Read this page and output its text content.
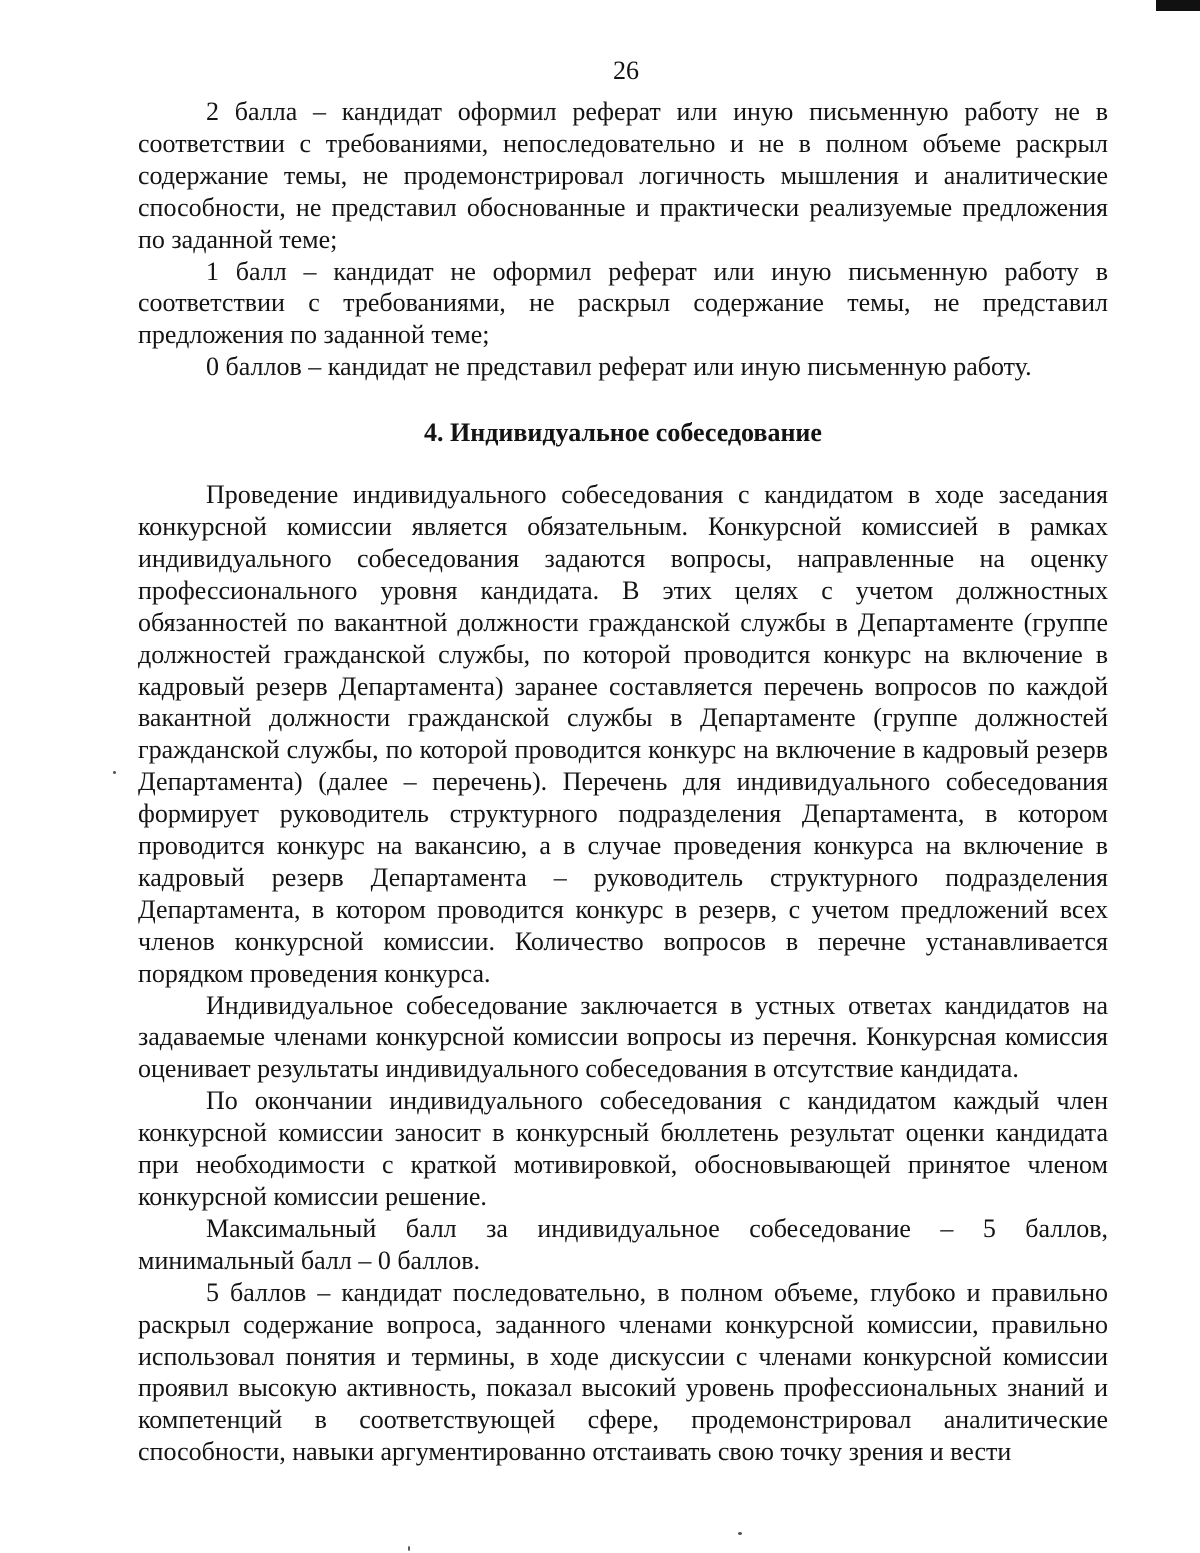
26

2 балла – кандидат оформил реферат или иную письменную работу не в соответствии с требованиями, непоследовательно и не в полном объеме раскрыл содержание темы, не продемонстрировал логичность мышления и аналитические способности, не представил обоснованные и практически реализуемые предложения по заданной теме;

1 балл – кандидат не оформил реферат или иную письменную работу в соответствии с требованиями, не раскрыл содержание темы, не представил предложения по заданной теме;

0 баллов – кандидат не представил реферат или иную письменную работу.

4. Индивидуальное собеседование

Проведение индивидуального собеседования с кандидатом в ходе заседания конкурсной комиссии является обязательным. Конкурсной комиссией в рамках индивидуального собеседования задаются вопросы, направленные на оценку профессионального уровня кандидата. В этих целях с учетом должностных обязанностей по вакантной должности гражданской службы в Департаменте (группе должностей гражданской службы, по которой проводится конкурс на включение в кадровый резерв Департамента) заранее составляется перечень вопросов по каждой вакантной должности гражданской службы в Департаменте (группе должностей гражданской службы, по которой проводится конкурс на включение в кадровый резерв Департамента) (далее – перечень). Перечень для индивидуального собеседования формирует руководитель структурного подразделения Департамента, в котором проводится конкурс на вакансию, а в случае проведения конкурса на включение в кадровый резерв Департамента – руководитель структурного подразделения Департамента, в котором проводится конкурс в резерв, с учетом предложений всех членов конкурсной комиссии. Количество вопросов в перечне устанавливается порядком проведения конкурса.

Индивидуальное собеседование заключается в устных ответах кандидатов на задаваемые членами конкурсной комиссии вопросы из перечня. Конкурсная комиссия оценивает результаты индивидуального собеседования в отсутствие кандидата.

По окончании индивидуального собеседования с кандидатом каждый член конкурсной комиссии заносит в конкурсный бюллетень результат оценки кандидата при необходимости с краткой мотивировкой, обосновывающей принятое членом конкурсной комиссии решение.

Максимальный балл за индивидуальное собеседование – 5 баллов, минимальный балл – 0 баллов.

5 баллов – кандидат последовательно, в полном объеме, глубоко и правильно раскрыл содержание вопроса, заданного членами конкурсной комиссии, правильно использовал понятия и термины, в ходе дискуссии с членами конкурсной комиссии проявил высокую активность, показал высокий уровень профессиональных знаний и компетенций в соответствующей сфере, продемонстрировал аналитические способности, навыки аргументированно отстаивать свою точку зрения и вести
